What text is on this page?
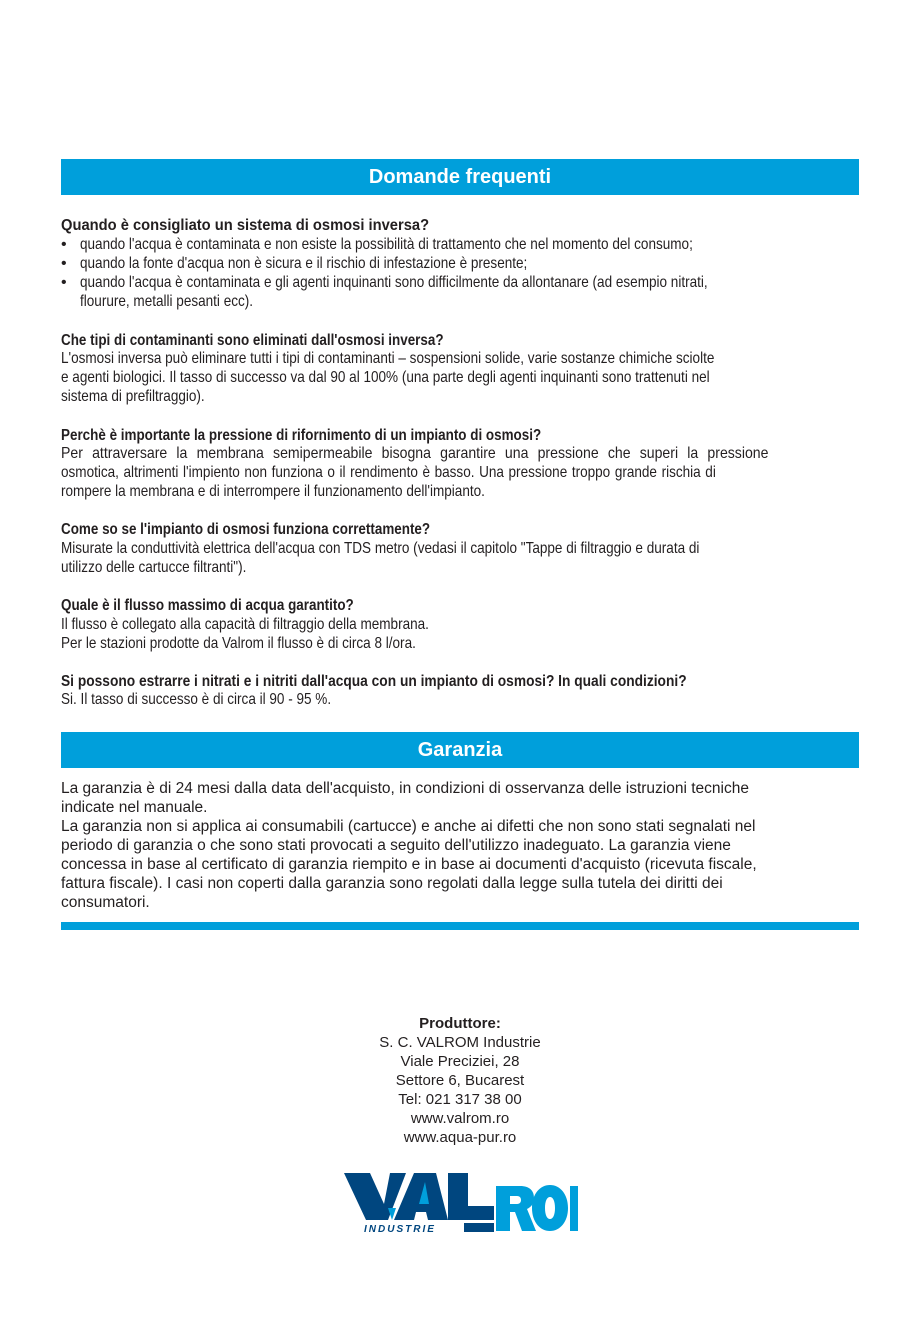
Domande frequenti
Quando è consigliato un sistema di osmosi inversa?
• quando l'acqua è contaminata e non esiste la possibilità di trattamento che nel momento del consumo;
• quando la fonte d'acqua non è sicura e il rischio di infestazione è presente;
• quando l'acqua è contaminata e gli agenti inquinanti sono difficilmente da allontanare (ad esempio nitrati,
flourure, metalli pesanti ecc).
Che tipi di contaminanti sono eliminati dall'osmosi inversa?
L'osmosi inversa può eliminare tutti i tipi di contaminanti – sospensioni solide, varie sostanze chimiche sciolte
e agenti biologici. Il tasso di successo va dal 90 al 100% (una parte degli agenti inquinanti sono trattenuti nel
sistema di prefiltraggio).
Perchè è importante la pressione di rifornimento di un impianto di osmosi?
Per attraversare la membrana semipermeabile bisogna garantire una pressione che superi la pressione
osmotica, altrimenti l'impiento non funziona o il rendimento è basso. Una pressione troppo grande rischia di
rompere la membrana e di interrompere il funzionamento dell'impianto.
Come so se l'impianto di osmosi funziona correttamente?
Misurate la conduttività elettrica dell'acqua con TDS metro (vedasi il capitolo "Tappe di filtraggio e durata di
utilizzo delle cartucce filtranti").
Quale è il flusso massimo di acqua garantito?
Il flusso è collegato alla capacità di filtraggio della membrana.
Per le stazioni prodotte da Valrom il flusso è di circa 8 l/ora.
Si possono estrarre i nitrati e i nitriti dall'acqua con un impianto di osmosi? In quali condizioni?
Si. Il tasso di successo è di circa il 90 - 95 %.
Garanzia
La garanzia è di 24 mesi dalla data dell'acquisto, in condizioni di osservanza delle istruzioni tecniche
indicate nel manuale.
La garanzia non si applica ai consumabili (cartucce) e anche ai difetti che non sono stati segnalati nel
periodo di garanzia o che sono stati provocati a seguito dell'utilizzo inadeguato. La garanzia viene
concessa in base al certificato di garanzia riempito e in base ai documenti d'acquisto (ricevuta fiscale,
fattura fiscale). I casi non coperti dalla garanzia sono regolati dalla legge sulla tutela dei diritti dei
consumatori.
Produttore:
S. C. VALROM Industrie
Viale Preciziei, 28
Settore 6, Bucarest
Tel: 021 317 38 00
www.valrom.ro
www.aqua-pur.ro
INDUSTRIE
